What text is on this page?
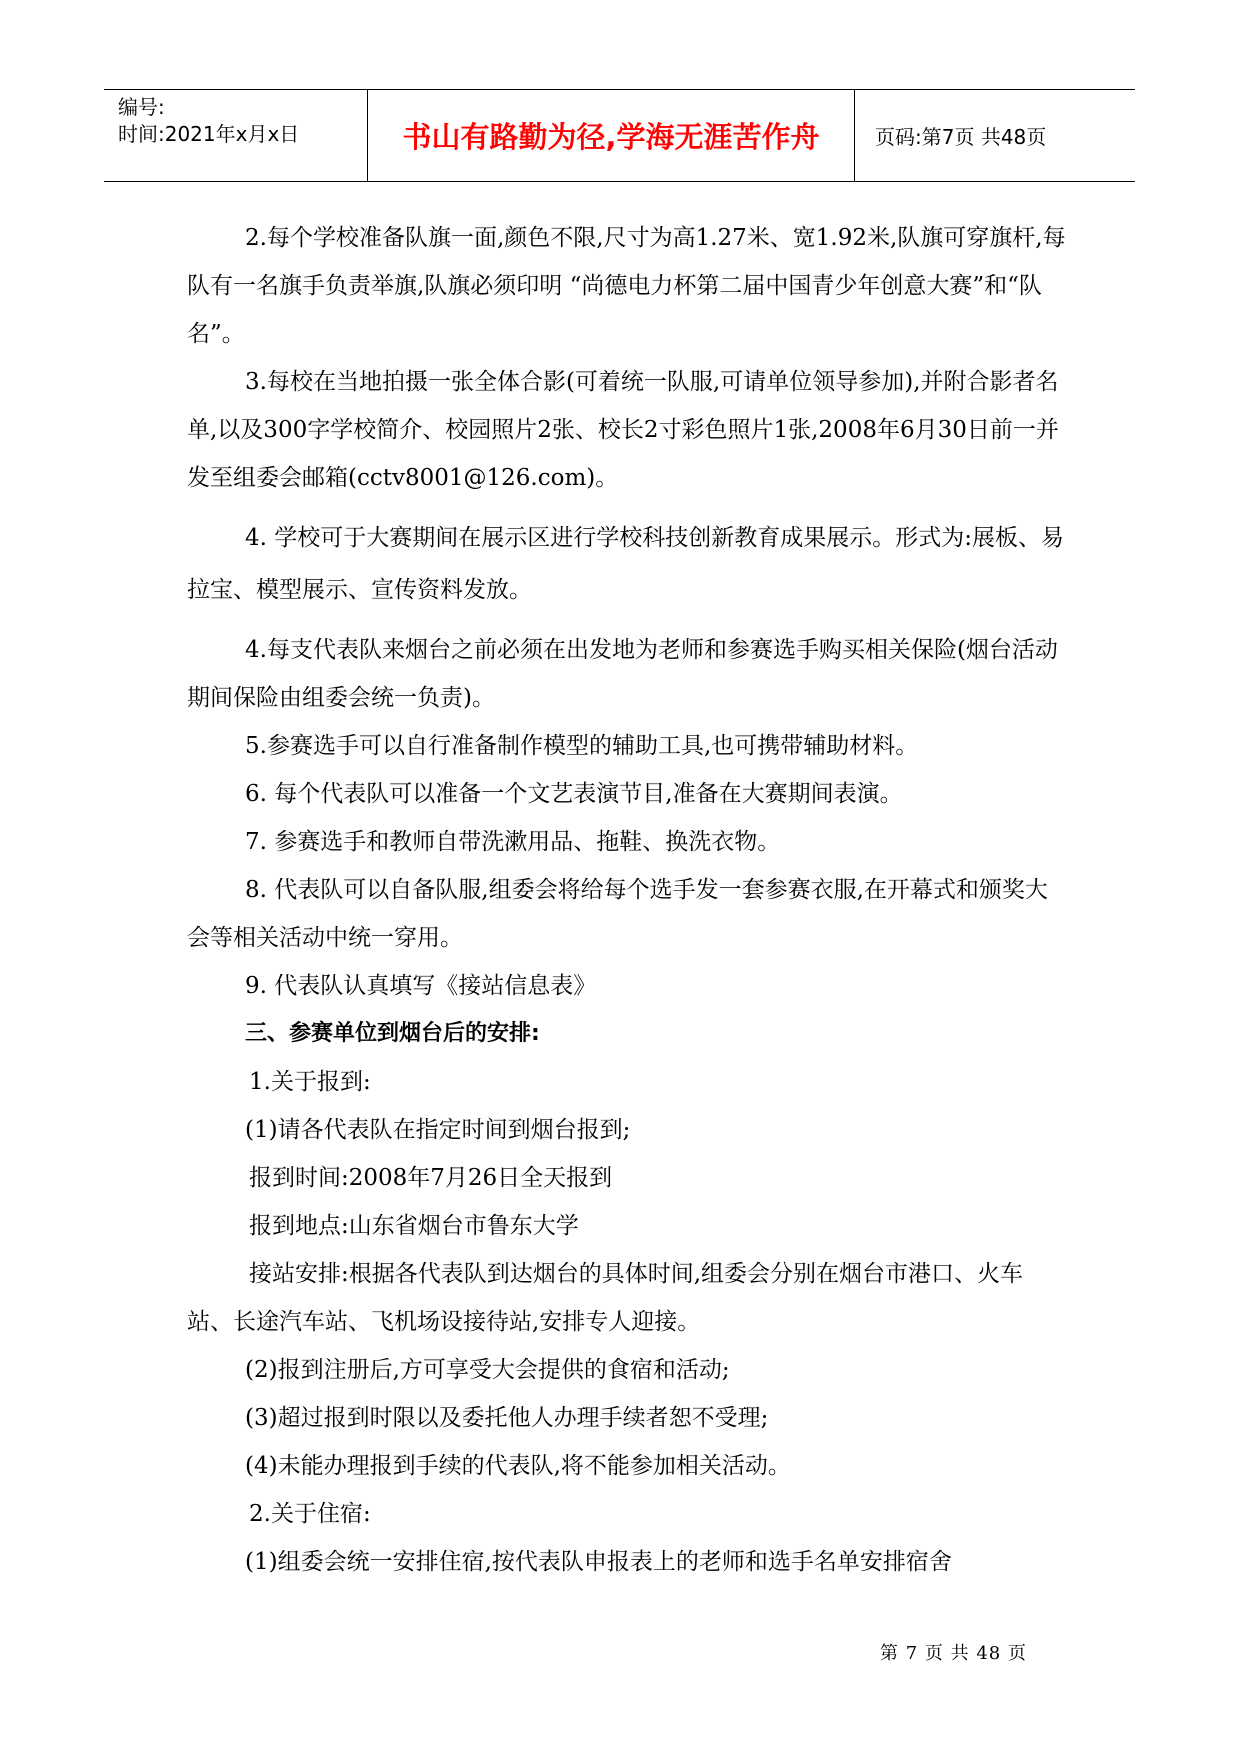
编号:
时间:2021年x月x日	书山有路勤为径,学海无涯苦作舟	页码:第7页 共48页

2.每个学校准备队旗一面,颜色不限,尺寸为高1.27米、宽1.92米,队旗可穿旗杆,每队有一名旗手负责举旗,队旗必须印明 “尚德电力杯第二届中国青少年创意大赛”和“队名”。

3.每校在当地拍摄一张全体合影(可着统一队服,可请单位领导参加),并附合影者名单,以及300字学校简介、校园照片2张、校长2寸彩色照片1张,2008年6月30日前一并发至组委会邮箱(cctv8001@126.com)。

4. 学校可于大赛期间在展示区进行学校科技创新教育成果展示。形式为:展板、易拉宝、模型展示、宣传资料发放。

4.每支代表队来烟台之前必须在出发地为老师和参赛选手购买相关保险(烟台活动期间保险由组委会统一负责)。

5.参赛选手可以自行准备制作模型的辅助工具,也可携带辅助材料。

6. 每个代表队可以准备一个文艺表演节目,准备在大赛期间表演。

7. 参赛选手和教师自带洗漱用品、拖鞋、换洗衣物。

8. 代表队可以自备队服,组委会将给每个选手发一套参赛衣服,在开幕式和颁奖大会等相关活动中统一穿用。

9. 代表队认真填写《接站信息表》

三、参赛单位到烟台后的安排:

1.关于报到:

(1)请各代表队在指定时间到烟台报到;

报到时间:2008年7月26日全天报到

报到地点:山东省烟台市鲁东大学

接站安排:根据各代表队到达烟台的具体时间,组委会分别在烟台市港口、火车站、长途汽车站、飞机场设接待站,安排专人迎接。

(2)报到注册后,方可享受大会提供的食宿和活动;

(3)超过报到时限以及委托他人办理手续者恕不受理;

(4)未能办理报到手续的代表队,将不能参加相关活动。

2.关于住宿:

(1)组委会统一安排住宿,按代表队申报表上的老师和选手名单安排宿舍

第 7 页 共 48 页
